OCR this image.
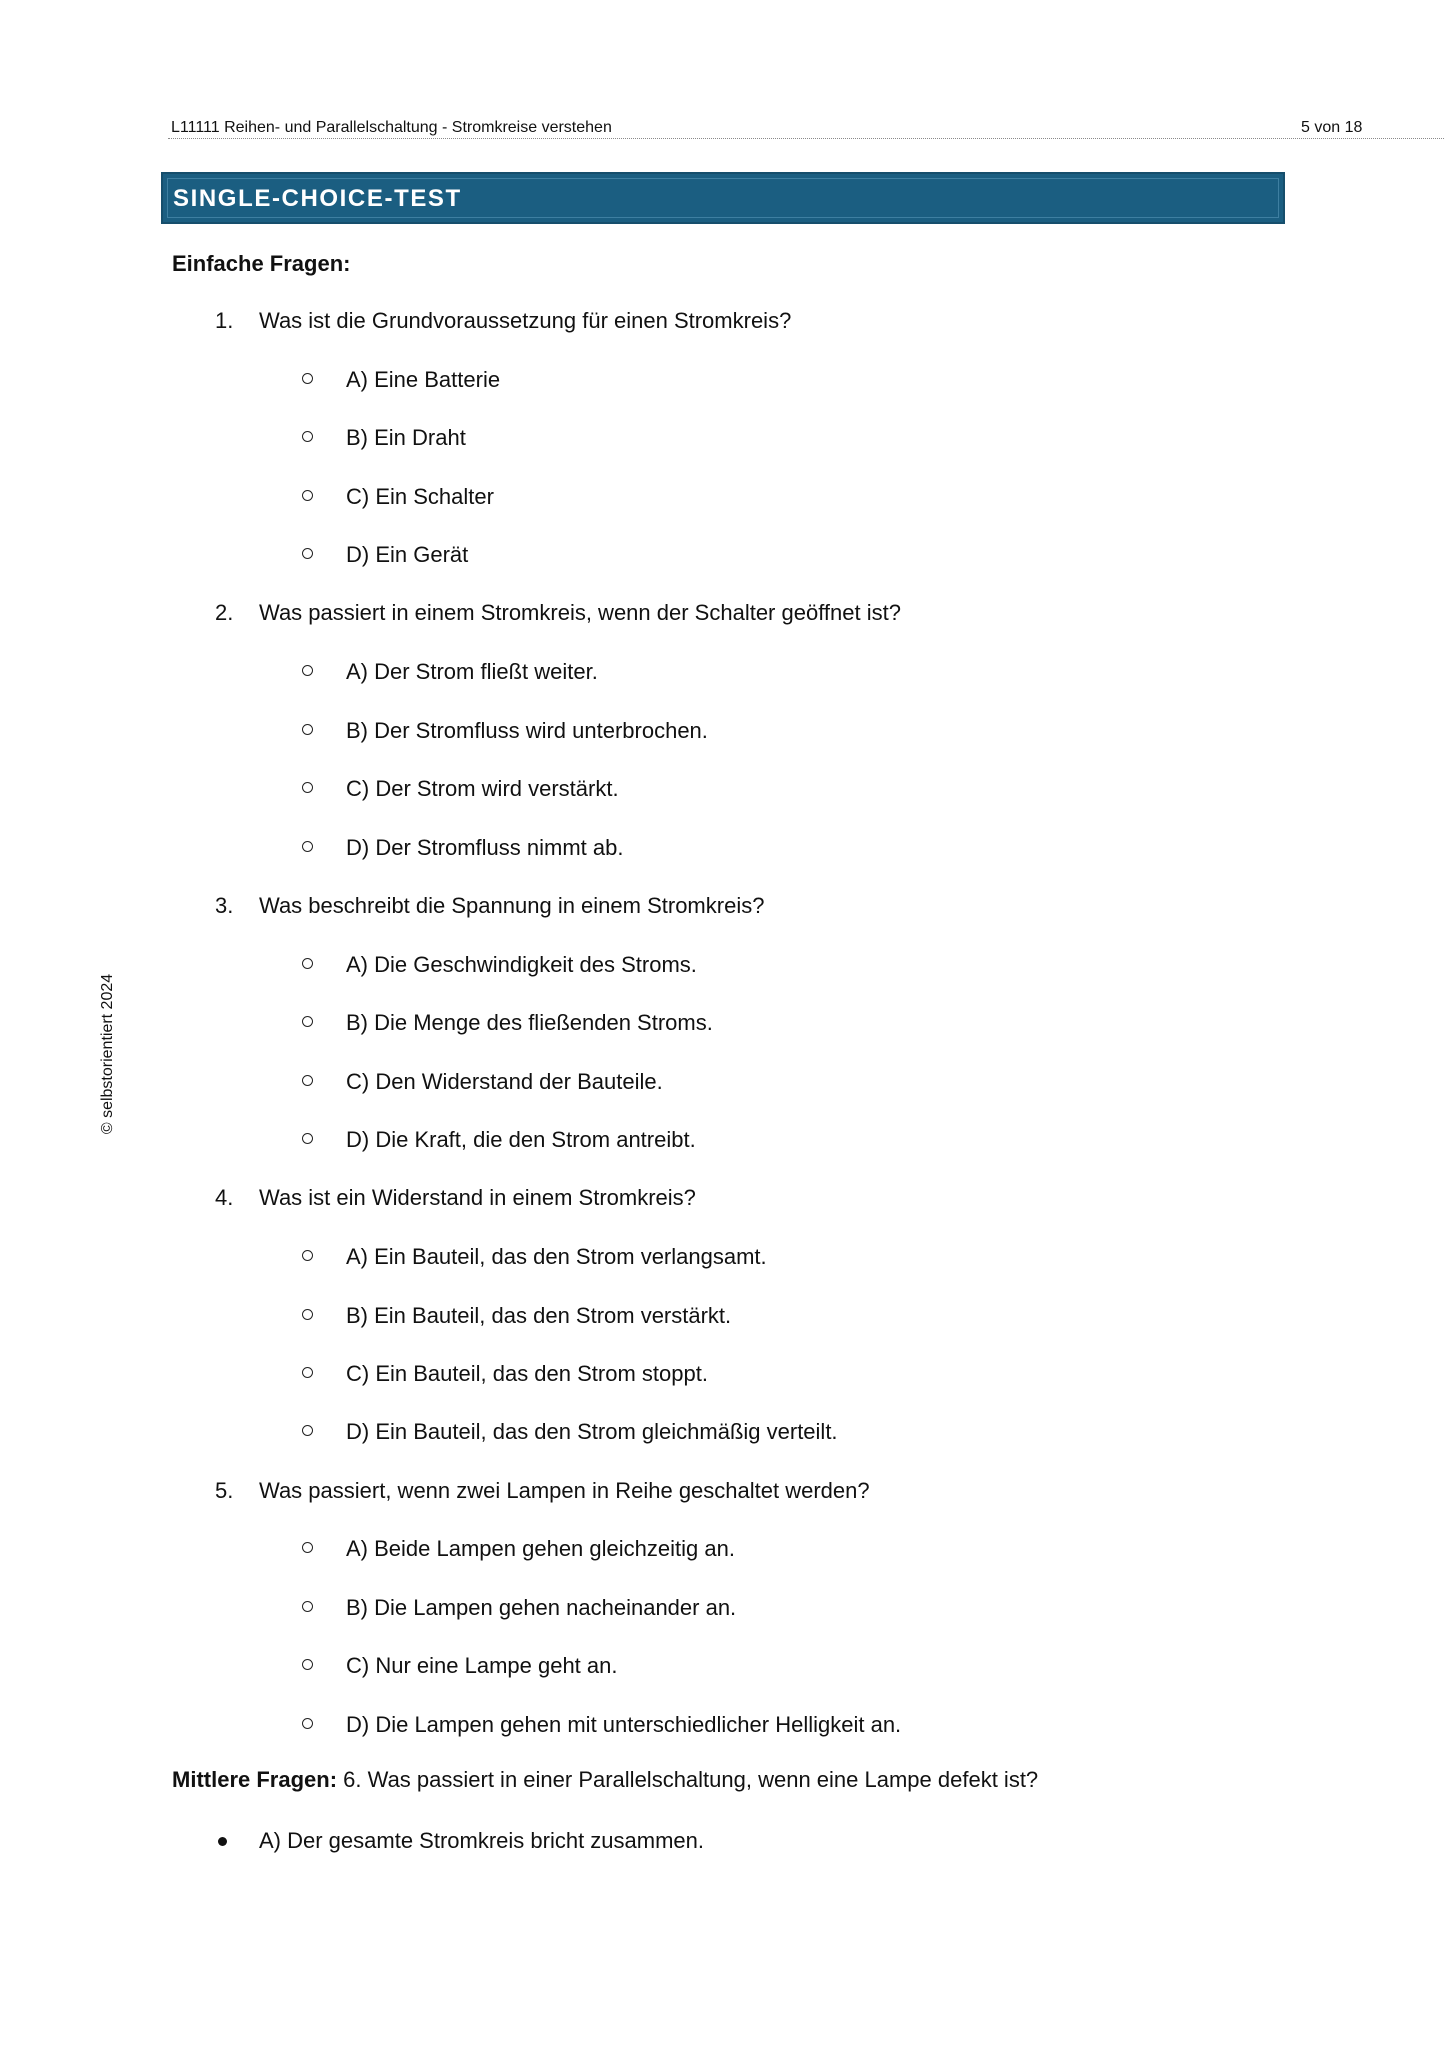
L11111 Reihen- und Parallelschaltung - Stromkreise verstehen	5 von 18
© selbstorientiert 2024
SINGLE-CHOICE-TEST
Einfache Fragen:
1. Was ist die Grundvoraussetzung für einen Stromkreis?
A) Eine Batterie
B) Ein Draht
C) Ein Schalter
D) Ein Gerät
2. Was passiert in einem Stromkreis, wenn der Schalter geöffnet ist?
A) Der Strom fließt weiter.
B) Der Stromfluss wird unterbrochen.
C) Der Strom wird verstärkt.
D) Der Stromfluss nimmt ab.
3. Was beschreibt die Spannung in einem Stromkreis?
A) Die Geschwindigkeit des Stroms.
B) Die Menge des fließenden Stroms.
C) Den Widerstand der Bauteile.
D) Die Kraft, die den Strom antreibt.
4. Was ist ein Widerstand in einem Stromkreis?
A) Ein Bauteil, das den Strom verlangsamt.
B) Ein Bauteil, das den Strom verstärkt.
C) Ein Bauteil, das den Strom stoppt.
D) Ein Bauteil, das den Strom gleichmäßig verteilt.
5. Was passiert, wenn zwei Lampen in Reihe geschaltet werden?
A) Beide Lampen gehen gleichzeitig an.
B) Die Lampen gehen nacheinander an.
C) Nur eine Lampe geht an.
D) Die Lampen gehen mit unterschiedlicher Helligkeit an.
Mittlere Fragen: 6. Was passiert in einer Parallelschaltung, wenn eine Lampe defekt ist?
A) Der gesamte Stromkreis bricht zusammen.
